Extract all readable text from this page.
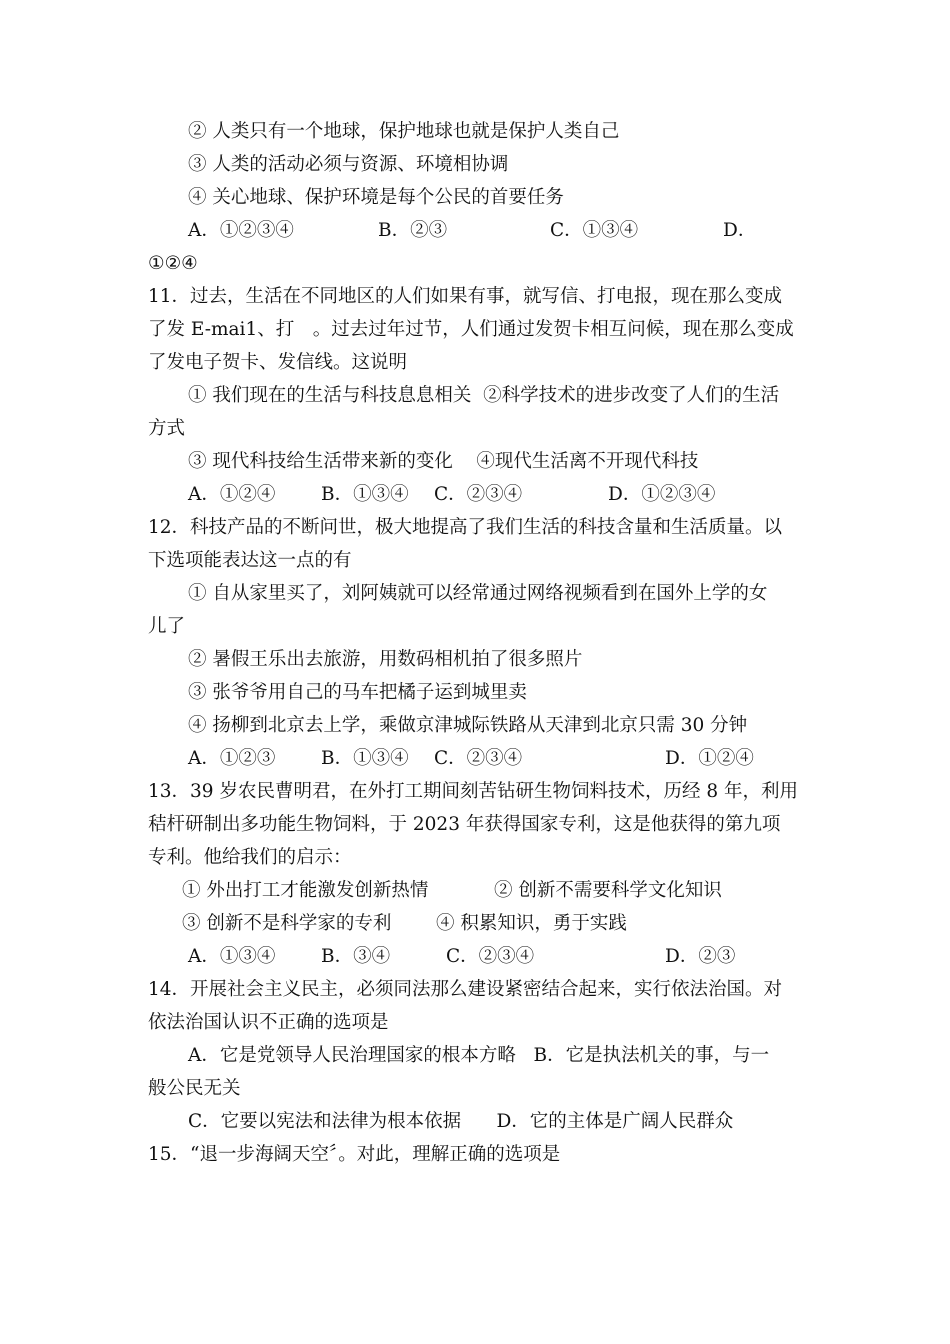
② 人类只有一个地球，保护地球也就是保护人类自己
③ 人类的活动必须与资源、环境相协调
④ 关心地球、保护环境是每个公民的首要任务
A．①②③④	B．②③	C．①③④	D．
①②④
11．过去，生活在不同地区的人们如果有事，就写信、打电报，现在那么变成
了发 E-mai1、打　。过去过年过节，人们通过发贺卡相互问候，现在那么变成
了发电子贺卡、发信线。这说明
① 我们现在的生活与科技息息相关  ②科学技术的进步改变了人们的生活
方式
③ 现代科技给生活带来新的变化    ④现代生活离不开现代科技
A．①②④ B．①③④ C．②③④	D．①②③④
12．科技产品的不断问世，极大地提高了我们生活的科技含量和生活质量。以
下选项能表达这一点的有
① 自从家里买了，刘阿姨就可以经常通过网络视频看到在国外上学的女
儿了
② 暑假王乐出去旅游，用数码相机拍了很多照片
③ 张爷爷用自己的马车把橘子运到城里卖
④ 扬柳到北京去上学，乘做京津城际铁路从天津到北京只需 30 分钟
A．①②③ B．①③④ C．②③④	D．①②④
13．39 岁农民曹明君，在外打工期间刻苦钻研生物饲料技术，历经 8 年，利用
秸杆研制出多功能生物饲料，于 2023 年获得国家专利，这是他获得的第九项
专利。他给我们的启示：
① 外出打工才能激发创新热情	② 创新不需要科学文化知识
③ 创新不是科学家的专利 ④ 积累知识，勇于实践
A．①③④ B．③④	C．②③④	D．②③
14．开展社会主义民主，必须同法那么建设紧密结合起来，实行依法治国。对
依法治国认识不正确的选项是
A．它是党领导人民治理国家的根本方略   B．它是执法机关的事，与一
般公民无关
C．它要以宪法和法律为根本依据      D．它的主体是广阔人民群众
15．“退一步海阔天空〞。对此，理解正确的选项是
